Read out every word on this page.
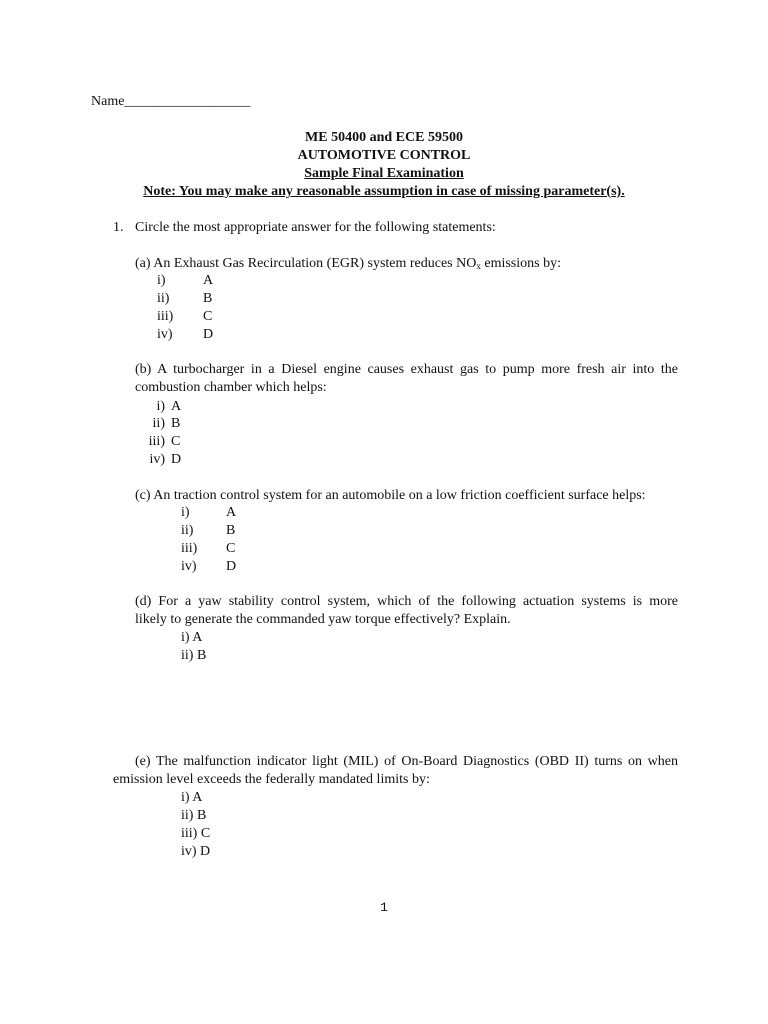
Name__________________
ME 50400 and ECE 59500
AUTOMOTIVE CONTROL
Sample Final Examination
Note: You may make any reasonable assumption in case of missing parameter(s).
1. Circle the most appropriate answer for the following statements:
(a) An Exhaust Gas Recirculation (EGR) system reduces $NO_x$ emissions by:
i)	A
ii) B
iii) C
iv) D
(b) A turbocharger in a Diesel engine causes exhaust gas to pump more fresh air into the
combustion chamber which helps:
i) A
ii) B
iii) C
iv) D
(c) An traction control system for an automobile on a low friction coefficient surface helps:
i)	A
ii) B
iii) C
iv) D
(d) For a yaw stability control system, which of the following actuation systems is more
likely to generate the commanded yaw torque effectively? Explain.
i) A
ii) B
(e) The malfunction indicator light (MIL) of On-Board Diagnostics (OBD II) turns on when
emission level exceeds the federally mandated limits by:
i) A
ii) B
iii) C
iv) D
1
